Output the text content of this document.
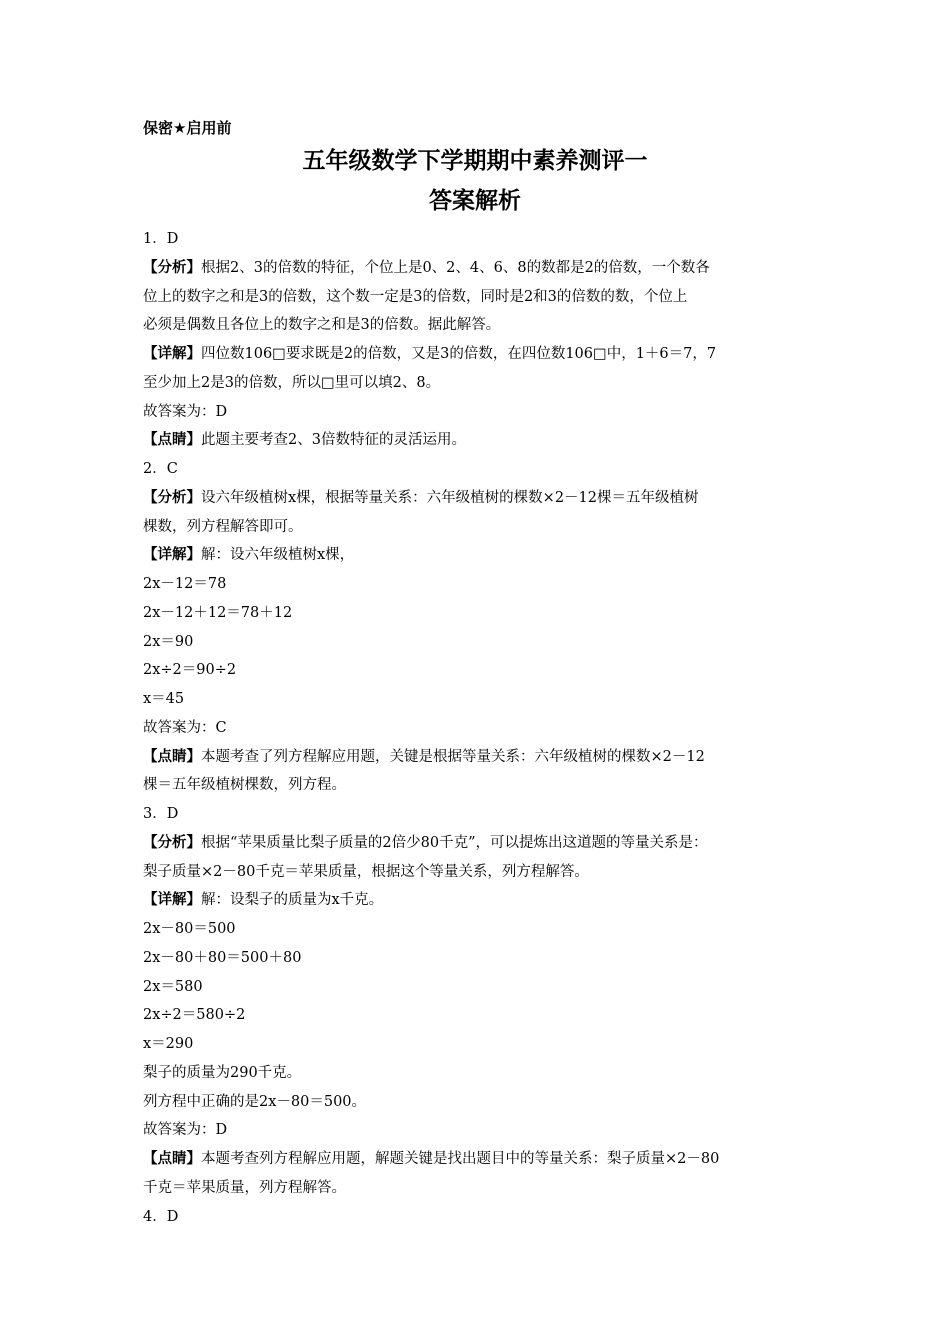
保密★启用前
五年级数学下学期期中素养测评一
答案解析
1．D
【分析】根据2、3的倍数的特征，个位上是0、2、4、6、8的数都是2的倍数，一个数各
位上的数字之和是3的倍数，这个数一定是3的倍数，同时是2和3的倍数的数，个位上
必须是偶数且各位上的数字之和是3的倍数。据此解答。
【详解】四位数106□要求既是2的倍数，又是3的倍数，在四位数106□中，1＋6＝7，7
至少加上2是3的倍数，所以□里可以填2、8。
故答案为：D
【点睛】此题主要考查2、3倍数特征的灵活运用。
2．C
【分析】设六年级植树x棵，根据等量关系：六年级植树的棵数×2－12棵＝五年级植树
棵数，列方程解答即可。
【详解】解：设六年级植树x棵，
2x－12＝78
2x－12＋12＝78＋12
2x＝90
2x÷2＝90÷2
x＝45
故答案为：C
【点睛】本题考查了列方程解应用题，关键是根据等量关系：六年级植树的棵数×2－12
棵＝五年级植树棵数，列方程。
3．D
【分析】根据“苹果质量比梨子质量的2倍少80千克”，可以提炼出这道题的等量关系是：
梨子质量×2－80千克＝苹果质量，根据这个等量关系，列方程解答。
【详解】解：设梨子的质量为x千克。
2x－80＝500
2x－80＋80＝500＋80
2x＝580
2x÷2＝580÷2
x＝290
梨子的质量为290千克。
列方程中正确的是2x－80＝500。
故答案为：D
【点睛】本题考查列方程解应用题，解题关键是找出题目中的等量关系：梨子质量×2－80
千克＝苹果质量，列方程解答。
4．D
